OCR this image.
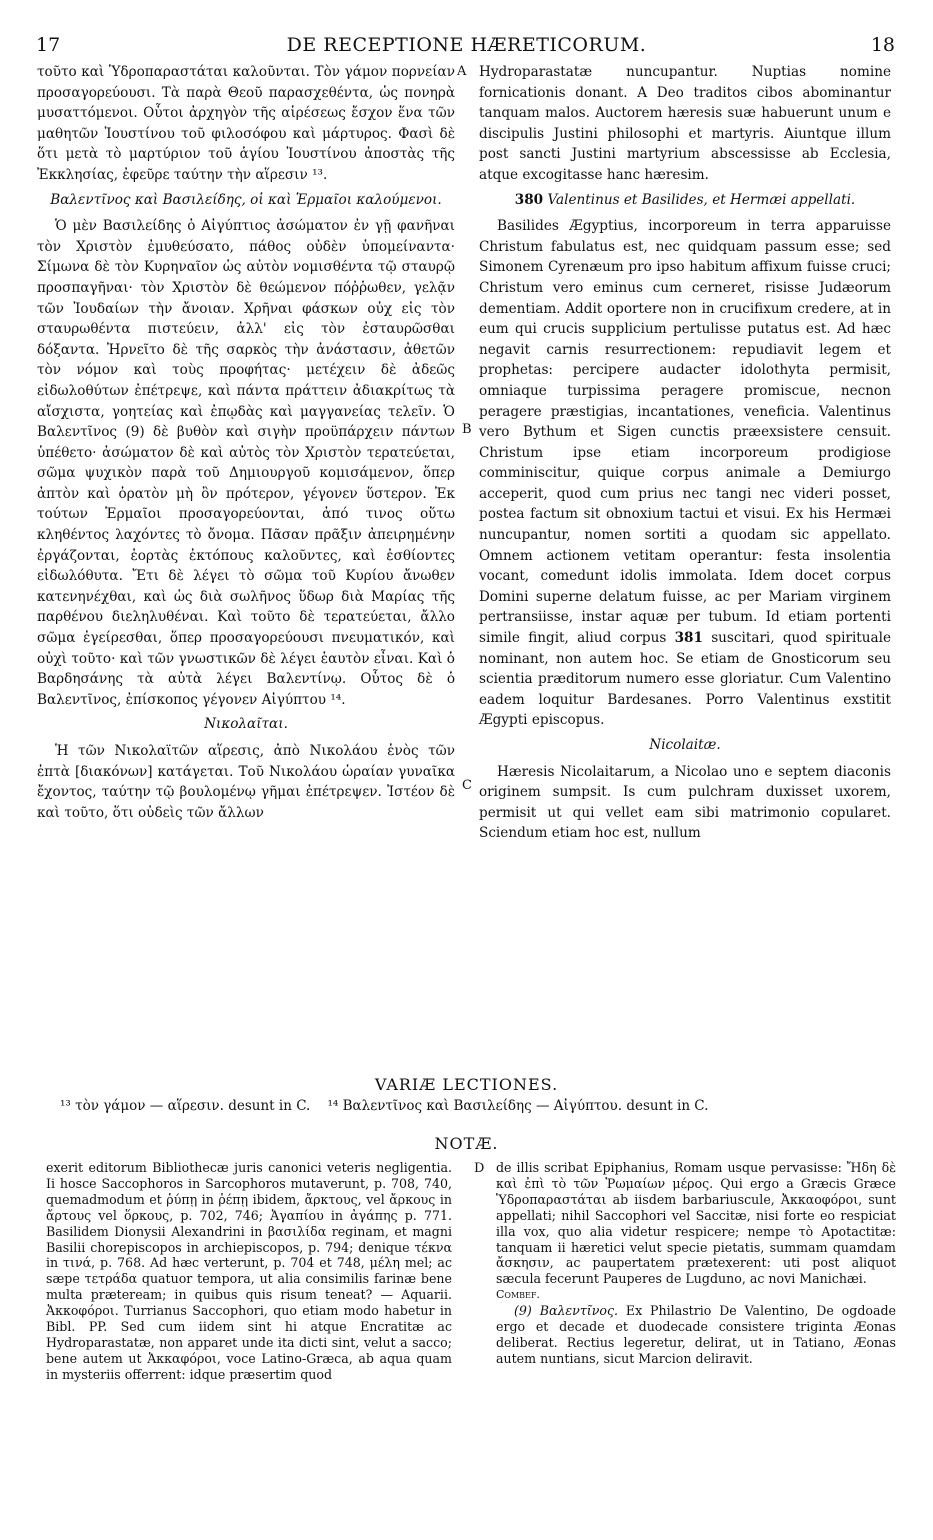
17	DE RECEPTIONE HÆRETICORUM.	18

τοῦτο καὶ Ὑδροπαραστάται καλοῦνται. Τὸν γάμον πορνείαν προσαγορεύουσι. Τὰ παρὰ Θεοῦ παρασχεθέντα, ὡς πονηρὰ μυσαττόμενοι. Οὗτοι ἀρχηγὸν τῆς αἱρέσεως ἔσχον ἕνα τῶν μαθητῶν Ἰουστίνου τοῦ φιλοσόφου καὶ μάρτυρος. Φασὶ δὲ ὅτι μετὰ τὸ μαρτύριον τοῦ ἁγίου Ἰουστίνου ἀποστὰς τῆς Ἐκκλησίας, ἐφεῦρε ταύτην τὴν αἵρεσιν ¹³.

Βαλεντῖνος καὶ Βασιλείδης, οἱ καὶ Ἑρμαῖοι καλούμενοι.

Ὁ μὲν Βασιλείδης ὁ Αἰγύπτιος ἀσώματον ἐν γῇ φανῆναι τὸν Χριστὸν ἐμυθεύσατο, πάθος οὐδὲν ὑπομείναντα· Σίμωνα δὲ τὸν Κυρηναῖον ὡς αὐτὸν νομισθέντα τῷ σταυρῷ προσπαγῆναι· τὸν Χριστὸν δὲ θεώμενον πόῤῥωθεν, γελᾷν τῶν Ἰουδαίων τὴν ἄνοιαν. Χρῆναι φάσκων οὐχ εἰς τὸν σταυρωθέντα πιστεύειν, ἀλλ' εἰς τὸν ἐσταυρῶσθαι δόξαντα. Ἠρνεῖτο δὲ τῆς σαρκὸς τὴν ἀνάστασιν, ἀθετῶν τὸν νόμον καὶ τοὺς προφήτας· μετέχειν δὲ ἀδεῶς εἰδωλοθύτων ἐπέτρεψε, καὶ πάντα πράττειν ἀδιακρίτως τὰ αἴσχιστα, γοητείας καὶ ἐπῳδὰς καὶ μαγγανείας τελεῖν. Ὁ Βαλεντῖνος (9) δὲ βυθὸν καὶ σιγὴν προϋπάρχειν πάντων ὑπέθετο· ἀσώματον δὲ καὶ αὐτὸς τὸν Χριστὸν τερατεύεται, σῶμα ψυχικὸν παρὰ τοῦ Δημιουργοῦ κομισάμενον, ὅπερ ἀπτὸν καὶ ὁρατὸν μὴ ὂν πρότερον, γέγονεν ὕστερον. Ἐκ τούτων Ἑρμαῖοι προσαγορεύονται, ἀπό τινος οὕτω κληθέντος λαχόντες τὸ ὄνομα. Πᾶσαν πρᾶξιν ἀπειρημένην ἐργάζονται, ἑορτὰς ἐκτόπους καλοῦντες, καὶ ἐσθίοντες εἰδωλόθυτα. Ἔτι δὲ λέγει τὸ σῶμα τοῦ Κυρίου ἄνωθεν κατενηνέχθαι, καὶ ὡς διὰ σωλῆνος ὕδωρ διὰ Μαρίας τῆς παρθένου διεληλυθέναι. Καὶ τοῦτο δὲ τερατεύεται, ἄλλο σῶμα ἐγείρεσθαι, ὅπερ προσαγορεύουσι πνευματικόν, καὶ οὐχὶ τοῦτο· καὶ τῶν γνωστικῶν δὲ λέγει ἑαυτὸν εἶναι. Καὶ ὁ Βαρδησάνης τὰ αὐτὰ λέγει Βαλεντίνῳ. Οὗτος δὲ ὁ Βαλεντῖνος, ἐπίσκοπος γέγονεν Αἰγύπτου ¹⁴.

Νικολαῖται.

Ἡ τῶν Νικολαϊτῶν αἵρεσις, ἀπὸ Νικολάου ἑνὸς τῶν ἑπτὰ [διακόνων] κατάγεται. Τοῦ Νικολάου ὡραίαν γυναῖκα ἔχοντος, ταύτην τῷ βουλομένῳ γῆμαι ἐπέτρεψεν. Ἰστέον δὲ καὶ τοῦτο, ὅτι οὐδεὶς τῶν ἄλλων

Hydroparastatæ nuncupantur. Nuptias nomine fornicationis donant. A Deo traditos cibos abominantur tanquam malos. Auctorem hæresis suæ habuerunt unum e discipulis Justini philosophi et martyris. Aiuntque illum post sancti Justini martyrium abscessisse ab Ecclesia, atque excogitasse hanc hæresim.

380 Valentinus et Basilides, et Hermæi appellati.

Basilides Ægyptius, incorporeum in terra apparuisse Christum fabulatus est, nec quidquam passum esse; sed Simonem Cyrenæum pro ipso habitum affixum fuisse cruci; Christum vero eminus cum cerneret, risisse Judæorum dementiam. Addit oportere non in crucifixum credere, at in eum qui crucis supplicium pertulisse putatus est. Ad hæc negavit carnis resurrectionem: repudiavit legem et prophetas: percipere audacter idolothyta permisit, omniaque turpissima peragere promiscue, necnon peragere præstigias, incantationes, veneficia. Valentinus vero Bythum et Sigen cunctis præexsistere censuit. Christum ipse etiam incorporeum prodigiose comminiscitur, quique corpus animale a Demiurgo acceperit, quod cum prius nec tangi nec videri posset, postea factum sit obnoxium tactui et visui. Ex his Hermæi nuncupantur, nomen sortiti a quodam sic appellato. Omnem actionem vetitam operantur: festa insolentia vocant, comedunt idolis immolata. Idem docet corpus Domini superne delatum fuisse, ac per Mariam virginem pertransiisse, instar aquæ per tubum. Id etiam portenti simile fingit, aliud corpus 381 suscitari, quod spirituale nominant, non autem hoc. Se etiam de Gnosticorum seu scientia præditorum numero esse gloriatur. Cum Valentino eadem loquitur Bardesanes. Porro Valentinus exstitit Ægypti episcopus.

Nicolaitæ.

Hæresis Nicolaitarum, a Nicolao uno e septem diaconis originem sumpsit. Is cum pulchram duxisset uxorem, permisit ut qui vellet eam sibi matrimonio copularet. Sciendum etiam hoc est, nullum

A
B
C
D
VARIÆ LECTIONES.
¹³ τὸν γάμον — αἵρεσιν. desunt in C. ¹⁴ Βαλεντῖνος καὶ Βασιλείδης — Αἰγύπτου. desunt in C.
NOTÆ.

exerit editorum Bibliothecæ juris canonici veteris negligentia. Ii hosce Saccophoros in Sarcophoros mutaverunt, p. 708, 740, quemadmodum et ῥύπῃ in ῥέπῃ ibidem, ἄρκτους, vel ἄρκους in ἄρτους vel ὅρκους, p. 702, 746; Ἀγαπίου in ἀγάπης p. 771. Basilidem Dionysii Alexandrini in βασιλίδα reginam, et magni Basilii chorepiscopos in archiepiscopos, p. 794; denique τέκνα in τινά, p. 768. Ad hæc verterunt, p. 704 et 748, μέλη mel; ac sæpe τετράδα quatuor tempora, ut alia consimilis farinæ bene multa præteream; in quibus quis risum teneat? — Aquarii. Ἀκκοφόροι. Turrianus Saccophori, quo etiam modo habetur in Bibl. PP. Sed cum iidem sint hi atque Encratitæ ac Hydroparastatæ, non apparet unde ita dicti sint, velut a sacco; bene autem ut Ἀκκαφόροι, voce Latino-Græca, ab aqua quam in mysteriis offerrent: idque præsertim quod

de illis scribat Epiphanius, Romam usque pervasisse: Ἤδη δὲ καὶ ἐπὶ τὸ τῶν Ῥωμαίων μέρος. Qui ergo a Græcis Græce Ὑδροπαραστάται ab iisdem barbariuscule, Ἀκκαοφόροι, sunt appellati; nihil Saccophori vel Saccitæ, nisi forte eo respiciat illa vox, quo alia videtur respicere; nempe τὸ Apotactitæ: tanquam ii hæretici velut specie pietatis, summam quamdam ἄσκησιν, ac paupertatem prætexerent: uti post aliquot sæcula fecerunt Pauperes de Lugduno, ac novi Manichæi.

Combef.

(9) Βαλεντῖνος. Ex Philastrio De Valentino, De ogdoade ergo et decade et duodecade consistere triginta Æonas deliberat. Rectius legeretur, delirat, ut in Tatiano, Æonas autem nuntians, sicut Marcion deliravit.
